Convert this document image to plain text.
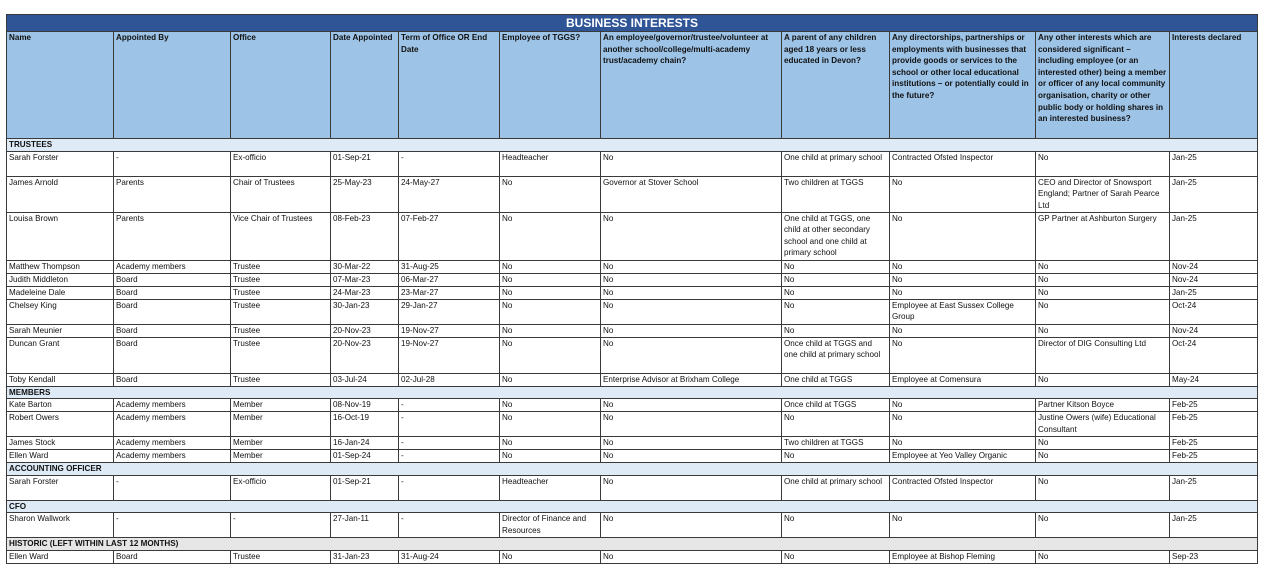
BUSINESS INTERESTS										
Name	Appointed By	Office	Date Appointed	Term of Office OR End Date	Employee of TGGS?	An employee/governor/trustee/volunteer at another school/college/multi-academy trust/academy chain?	A parent of any children aged 18 years or less educated in Devon?	Any directorships, partnerships or employments with businesses that provide goods or services to the school or other local educational institutions – or potentially could in the future?	Any other interests which are considered significant – including employee (or an interested other) being a member or officer of any local community organisation, charity or other public body or holding shares in an interested business?	Interests declared
TRUSTEES										
Sarah Forster	-	Ex-officio	01-Sep-21	-	Headteacher	No	One child at primary school	Contracted Ofsted Inspector	No	Jan-25
James Arnold	Parents	Chair of Trustees	25-May-23	24-May-27	No	Governor at Stover School	Two children at TGGS	No	CEO and Director of Snowsport England; Partner of Sarah Pearce Ltd	Jan-25
Louisa Brown	Parents	Vice Chair of Trustees	08-Feb-23	07-Feb-27	No	No	One child at TGGS, one child at other secondary school and one child at primary school	No	GP Partner at Ashburton Surgery	Jan-25
Matthew Thompson	Academy members	Trustee	30-Mar-22	31-Aug-25	No	No	No	No	No	Nov-24
Judith Middleton	Board	Trustee	07-Mar-23	06-Mar-27	No	No	No	No	No	Nov-24
Madeleine Dale	Board	Trustee	24-Mar-23	23-Mar-27	No	No	No	No	No	Jan-25
Chelsey King	Board	Trustee	30-Jan-23	29-Jan-27	No	No	No	Employee at East Sussex College Group	No	Oct-24
Sarah Meunier	Board	Trustee	20-Nov-23	19-Nov-27	No	No	No	No	No	Nov-24
Duncan Grant	Board	Trustee	20-Nov-23	19-Nov-27	No	No	Once child at TGGS and one child at primary school	No	Director of DIG Consulting Ltd	Oct-24
Toby Kendall	Board	Trustee	03-Jul-24	02-Jul-28	No	Enterprise Advisor at Brixham College	One child at TGGS	Employee at Comensura	No	May-24
MEMBERS										
Kate Barton	Academy members	Member	08-Nov-19	-	No	No	Once child at TGGS	No	Partner Kitson Boyce	Feb-25
Robert Owers	Academy members	Member	16-Oct-19	-	No	No	No	No	Justine Owers (wife) Educational Consultant	Feb-25
James Stock	Academy members	Member	16-Jan-24	-	No	No	Two children at TGGS	No	No	Feb-25
Ellen Ward	Academy members	Member	01-Sep-24	-	No	No	No	Employee at Yeo Valley Organic	No	Feb-25
ACCOUNTING OFFICER										
Sarah Forster	-	Ex-officio	01-Sep-21	-	Headteacher	No	One child at primary school	Contracted Ofsted Inspector	No	Jan-25
CFO										
Sharon Wallwork	-	-	27-Jan-11	-	Director of Finance and Resources	No	No	No	No	Jan-25
HISTORIC (LEFT WITHIN LAST 12 MONTHS)										
Ellen Ward	Board	Trustee	31-Jan-23	31-Aug-24	No	No	No	Employee at Bishop Fleming	No	Sep-23
